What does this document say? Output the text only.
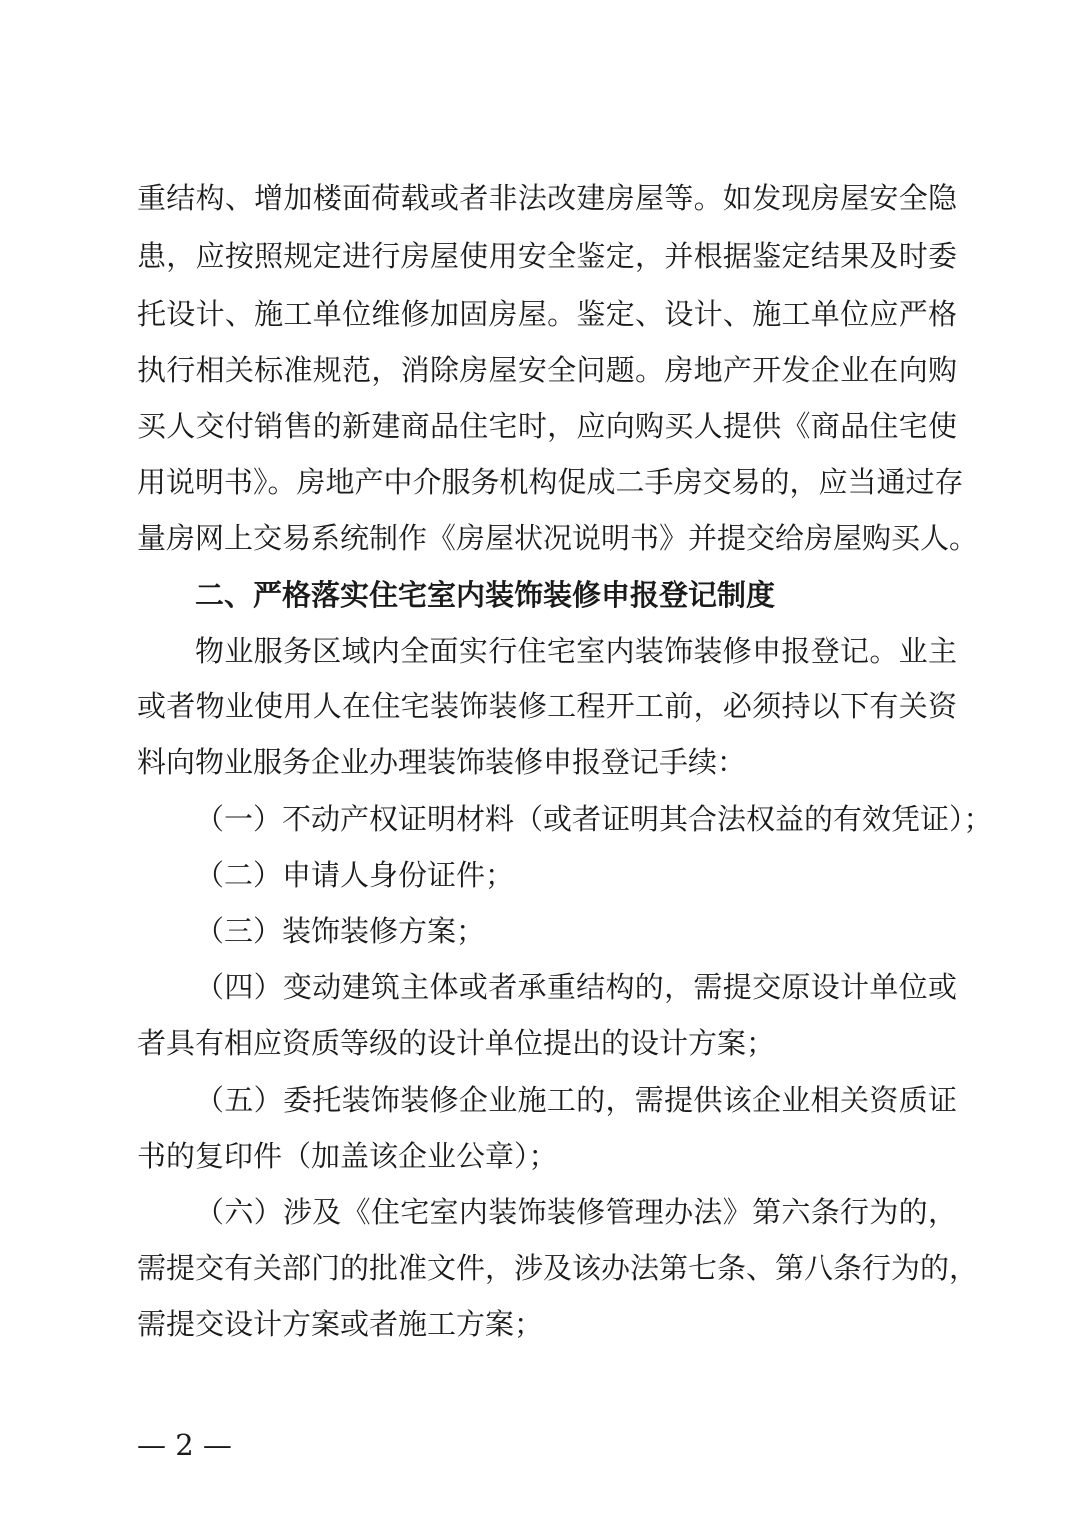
重结构、增加楼面荷载或者非法改建房屋等。如发现房屋安全隐
患，应按照规定进行房屋使用安全鉴定，并根据鉴定结果及时委
托设计、施工单位维修加固房屋。鉴定、设计、施工单位应严格
执行相关标准规范，消除房屋安全问题。房地产开发企业在向购
买人交付销售的新建商品住宅时，应向购买人提供《商品住宅使
用说明书》。房地产中介服务机构促成二手房交易的，应当通过存
量房网上交易系统制作《房屋状况说明书》并提交给房屋购买人。
二、严格落实住宅室内装饰装修申报登记制度
物业服务区域内全面实行住宅室内装饰装修申报登记。业主
或者物业使用人在住宅装饰装修工程开工前，必须持以下有关资
料向物业服务企业办理装饰装修申报登记手续：
（一）不动产权证明材料（或者证明其合法权益的有效凭证）；
（二）申请人身份证件；
（三）装饰装修方案；
（四）变动建筑主体或者承重结构的，需提交原设计单位或
者具有相应资质等级的设计单位提出的设计方案；
（五）委托装饰装修企业施工的，需提供该企业相关资质证
书的复印件（加盖该企业公章）；
（六）涉及《住宅室内装饰装修管理办法》第六条行为的，
需提交有关部门的批准文件，涉及该办法第七条、第八条行为的，
需提交设计方案或者施工方案；
— 2 —
